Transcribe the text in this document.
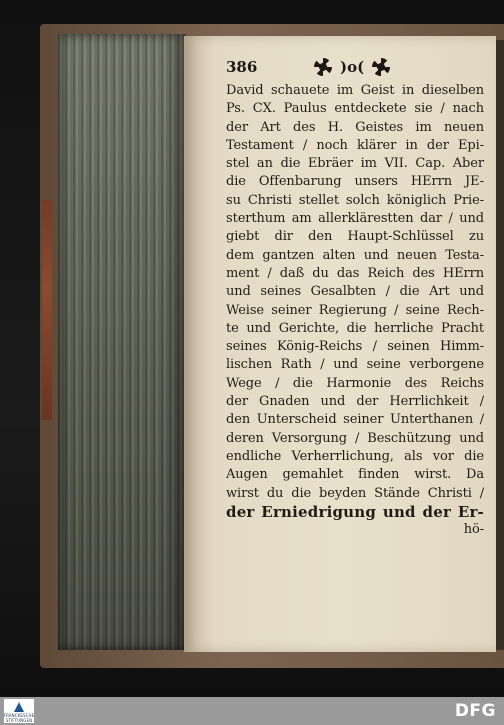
386	)o(
David schauete im Geist in dieselben
Ps. CX. Paulus entdeckete sie / nach
der Art des H. Geistes im neuen
Testament / noch klärer in der Epi-
stel an die Ebräer im VII. Cap. Aber
die Offenbarung unsers HErrn JE-
su Christi stellet solch königlich Prie-
sterthum am allerklärestten dar / und
giebt dir den Haupt-Schlüssel zu
dem gantzen alten und neuen Testa-
ment / daß du das Reich des HErrn
und seines Gesalbten / die Art und
Weise seiner Regierung / seine Rech-
te und Gerichte, die herrliche Pracht
seines König-Reichs / seinen Himm-
lischen Rath / und seine verborgene
Wege / die Harmonie des Reichs
der Gnaden und der Herrlichkeit /
den Unterscheid seiner Unterthanen /
deren Versorgung / Beschützung und
endliche Verherrlichung, als vor die
Augen gemahlet finden wirst. Da
wirst du die beyden Stände Christi /
der Erniedrigung und der Er-
hö-
FRANCKESCHE STIFTUNGEN	DFG
